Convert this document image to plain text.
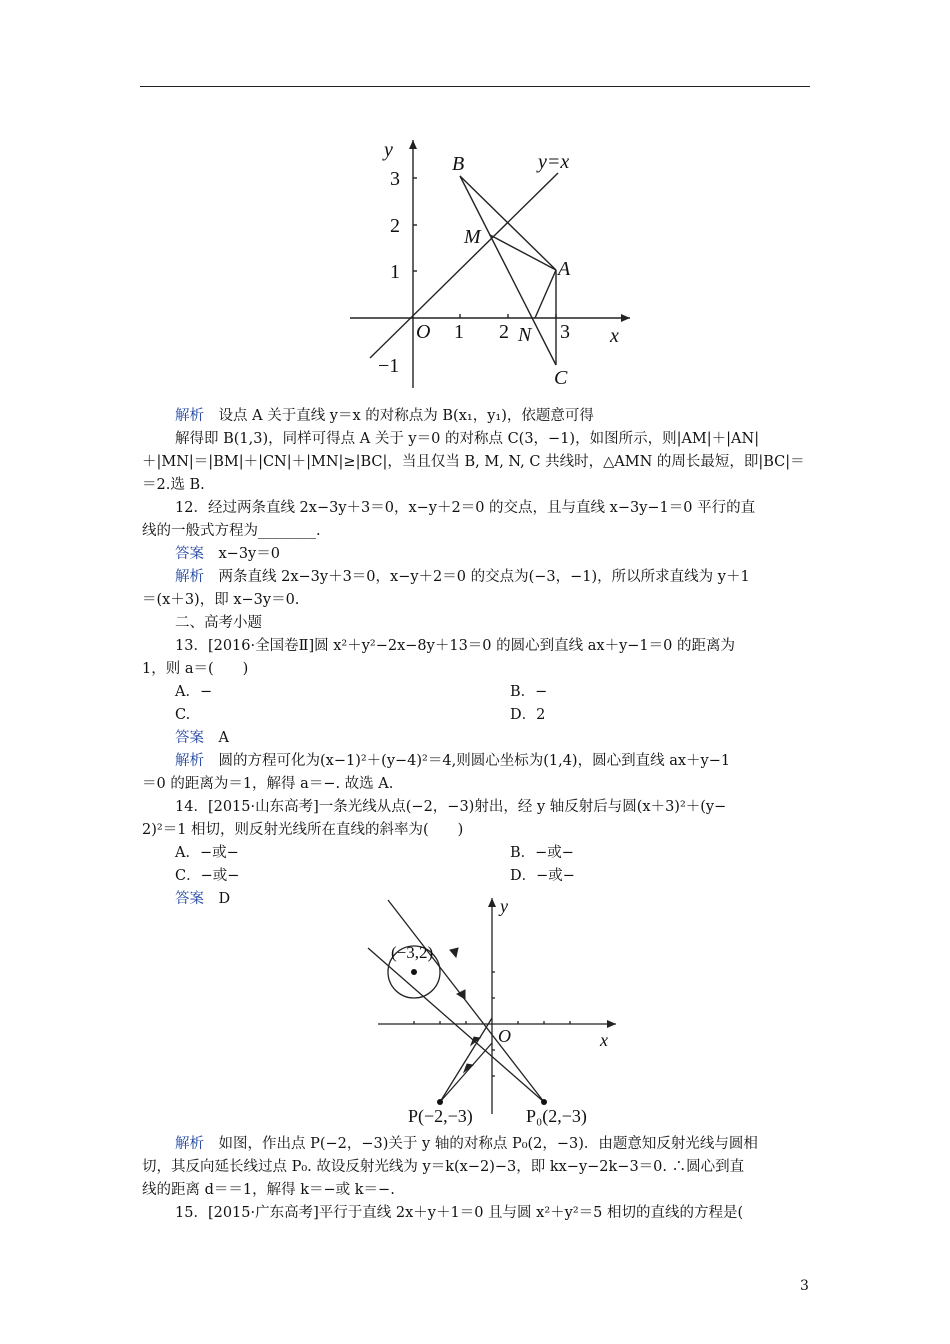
y
x
O
y=x
B
M
A
N
C
3
2
1
−1
1 2	3
解析　 设点 A 关于直线 y＝x 的对称点为 B(x₁，y₁)，依题意可得
解得即 B(1,3)，同样可得点 A 关于 y＝0 的对称点 C(3，−1)，如图所示，则|AM|＋|AN|
＋|MN|＝|BM|＋|CN|＋|MN|≥|BC|，当且仅当 B, M, N, C 共线时，△AMN 的周长最短，即|BC|＝
＝2.选 B.
12．经过两条直线 2x−3y＋3＝0，x−y＋2＝0 的交点，且与直线 x−3y−1＝0 平行的直
线的一般式方程为________.
答案　 x−3y＝0
解析　 两条直线 2x−3y＋3＝0，x−y＋2＝0 的交点为(−3，−1)，所以所求直线为 y＋1
＝(x＋3)，即 x−3y＝0.
二、高考小题
13．[2016·全国卷Ⅱ]圆 x²＋y²−2x−8y＋13＝0 的圆心到直线 ax＋y−1＝0 的距离为
1，则 a＝(　　)
A．−	B．−
C.	D．2
答案　 A
解析　 圆的方程可化为(x−1)²＋(y−4)²＝4,则圆心坐标为(1,4)，圆心到直线 ax＋y−1
＝0 的距离为＝1，解得 a＝−. 故选 A.
14．[2015·山东高考]一条光线从点(−2，−3)射出，经 y 轴反射后与圆(x＋3)²＋(y−
2)²＝1 相切，则反射光线所在直线的斜率为(　　)
A．−或−	B．−或−
C．−或−	D．−或−
答案　 D	y
x
O
(−3,2)
P(−2,−3)	P₀(2,−3)
解析　 如图，作出点 P(−2，−3)关于 y 轴的对称点 P₀(2，−3)．由题意知反射光线与圆相
切，其反向延长线过点 P₀. 故设反射光线为 y＝k(x−2)−3，即 kx−y−2k−3＝0. ∴圆心到直
线的距离 d＝＝1，解得 k＝−或 k＝−.
15．[2015·广东高考]平行于直线 2x＋y＋1＝0 且与圆 x²＋y²＝5 相切的直线的方程是(
3
